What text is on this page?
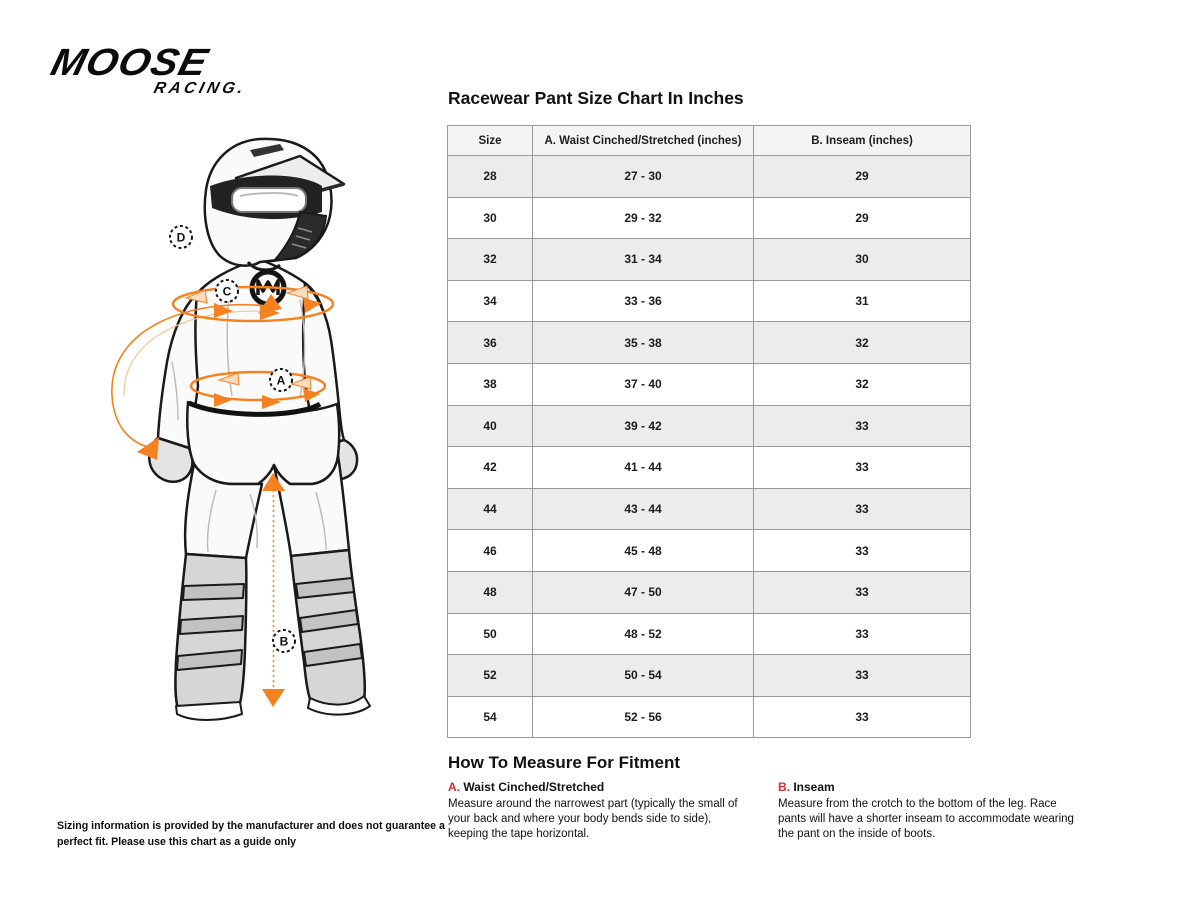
MOOSE
RACING.
D
C
A
B
Racewear Pant Size Chart In Inches
Size	A. Waist Cinched/Stretched (inches)	B. Inseam (inches)
28	27 - 30	29
30	29 - 32	29
32	31 - 34	30
34	33 - 36	31
36	35 - 38	32
38	37 - 40	32
40	39 - 42	33
42	41 - 44	33
44	43 - 44	33
46	45 - 48	33
48	47 - 50	33
50	48 - 52	33
52	50 - 54	33
54	52 - 56	33
How To Measure For Fitment
A. Waist Cinched/Stretched
Measure around the narrowest part (typically the small of your back and where your body bends side to side), keeping the tape horizontal.
B. Inseam
Measure from the crotch to the bottom of the leg. Race pants will have a shorter inseam to accommodate wearing the pant on the inside of boots.
Sizing information is provided by the manufacturer and does not guarantee a perfect fit. Please use this chart as a guide only
